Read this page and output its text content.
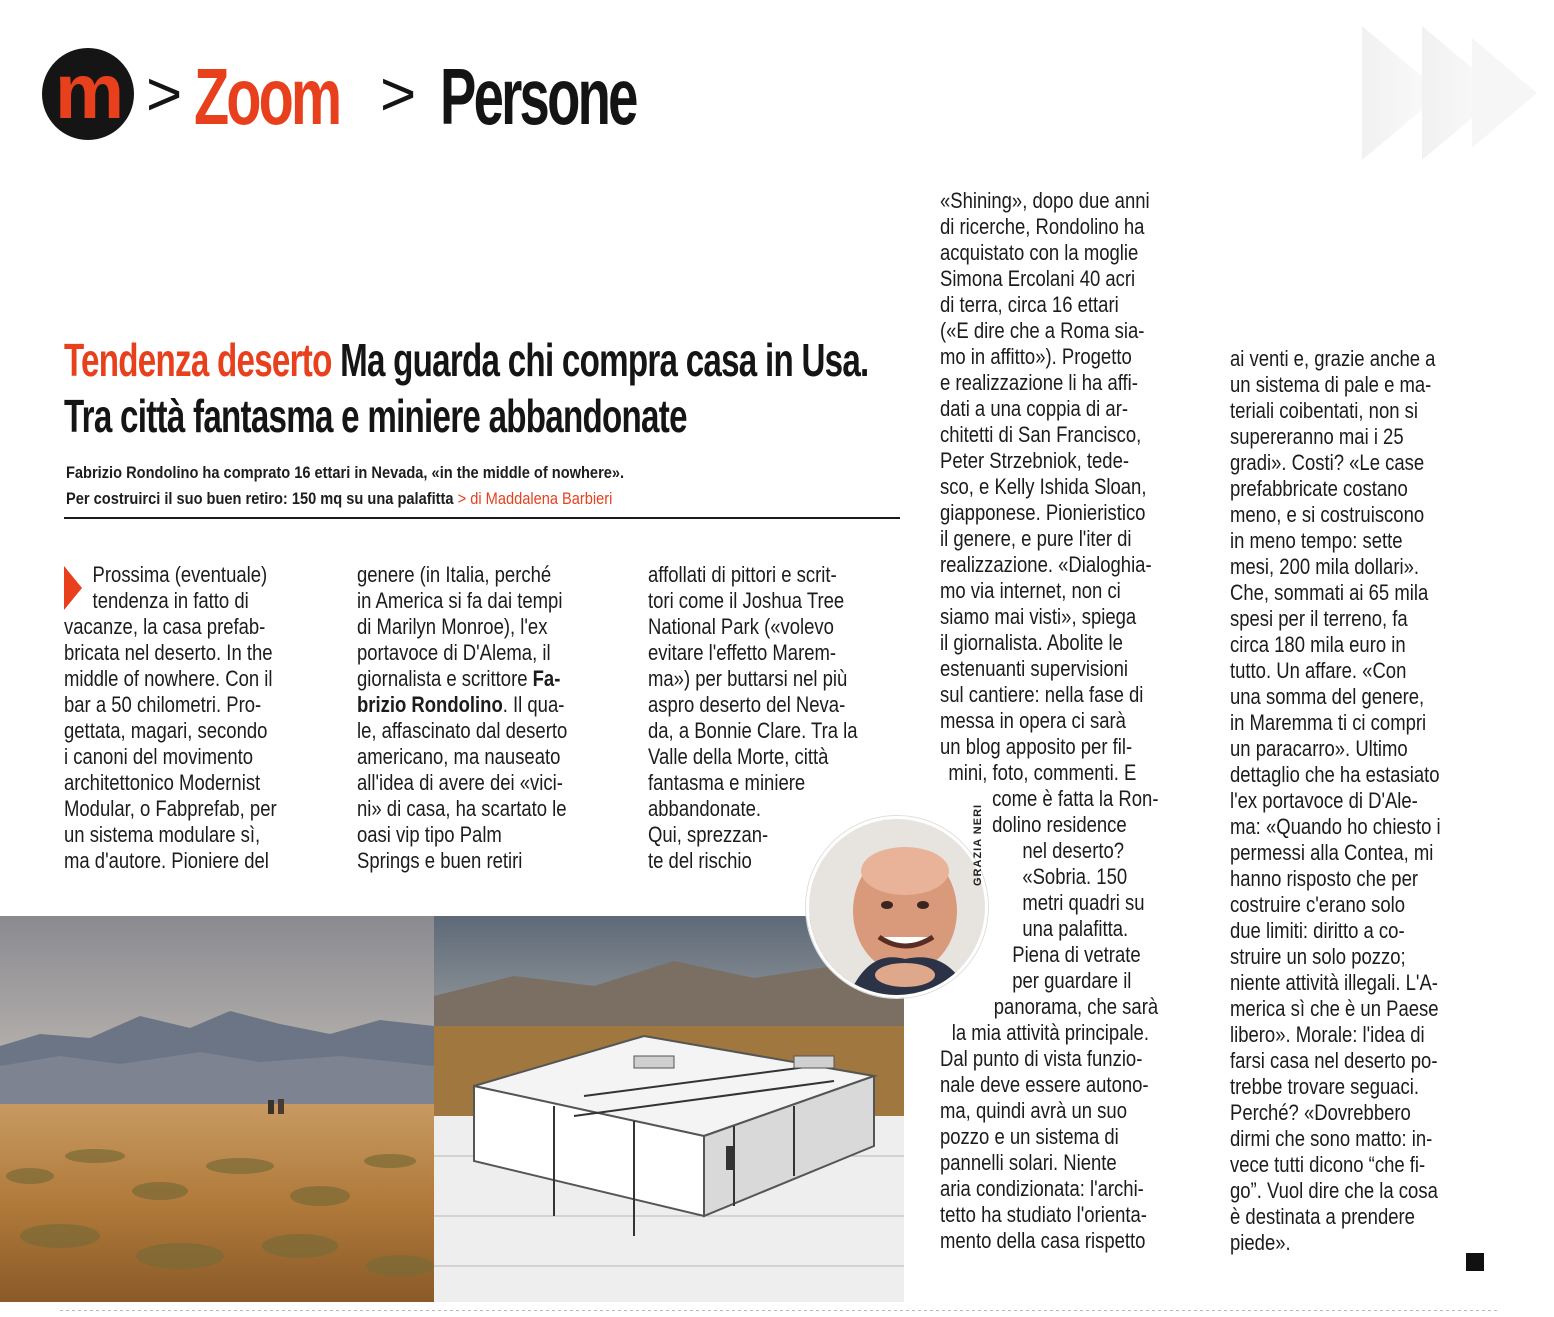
m > Zoom > Persone
Tendenza deserto Ma guarda chi compra casa in Usa. Tra città fantasma e miniere abbandonate
Fabrizio Rondolino ha comprato 16 ettari in Nevada, «in the middle of nowhere».
Per costruirci il suo buen retiro: 150 mq su una palafitta > di Maddalena Barbieri
Prossima (eventuale)
tendenza in fatto di
vacanze, la casa prefab-
bricata nel deserto. In the
middle of nowhere. Con il
bar a 50 chilometri. Pro-
gettata, magari, secondo
i canoni del movimento
architettonico Modernist
Modular, o Fabprefab, per
un sistema modulare sì,
ma d'autore. Pioniere del
genere (in Italia, perché
in America si fa dai tempi
di Marilyn Monroe), l'ex
portavoce di D'Alema, il
giornalista e scrittore Fa-
brizio Rondolino. Il qua-
le, affascinato dal deserto
americano, ma nauseato
all'idea di avere dei «vici-
ni» di casa, ha scartato le
oasi vip tipo Palm
Springs e buen retiri
affollati di pittori e scrit-
tori come il Joshua Tree
National Park («volevo
evitare l'effetto Marem-
ma») per buttarsi nel più
aspro deserto del Neva-
da, a Bonnie Clare. Tra la
Valle della Morte, città
fantasma e miniere
abbandonate.
Qui, sprezzan-
te del rischio
«Shining», dopo due anni
di ricerche, Rondolino ha
acquistato con la moglie
Simona Ercolani 40 acri
di terra, circa 16 ettari
(«E dire che a Roma sia-
mo in affitto»). Progetto
e realizzazione li ha affi-
dati a una coppia di ar-
chitetti di San Francisco,
Peter Strzebniok, tede-
sco, e Kelly Ishida Sloan,
giapponese. Pionieristico
il genere, e pure l'iter di
realizzazione. «Dialoghia-
mo via internet, non ci
siamo mai visti», spiega
il giornalista. Abolite le
estenuanti supervisioni
sul cantiere: nella fase di
messa in opera ci sarà
un blog apposito per fil-
mini, foto, commenti. E
come è fatta la Ron-
dolino residence
nel deserto?
«Sobria. 150
metri quadri su
una palafitta.
Piena di vetrate
per guardare il
panorama, che sarà
la mia attività principale.
Dal punto di vista funzio-
nale deve essere autono-
ma, quindi avrà un suo
pozzo e un sistema di
pannelli solari. Niente
aria condizionata: l'archi-
tetto ha studiato l'orienta-
mento della casa rispetto
ai venti e, grazie anche a
un sistema di pale e ma-
teriali coibentati, non si
supereranno mai i 25
gradi». Costi? «Le case
prefabbricate costano
meno, e si costruiscono
in meno tempo: sette
mesi, 200 mila dollari».
Che, sommati ai 65 mila
spesi per il terreno, fa
circa 180 mila euro in
tutto. Un affare. «Con
una somma del genere,
in Maremma ti ci compri
un paracarro». Ultimo
dettaglio che ha estasiato
l'ex portavoce di D'Ale-
ma: «Quando ho chiesto i
permessi alla Contea, mi
hanno risposto che per
costruire c'erano solo
due limiti: diritto a co-
struire un solo pozzo;
niente attività illegali. L'A-
merica sì che è un Paese
libero». Morale: l'idea di
farsi casa nel deserto po-
trebbe trovare seguaci.
Perché? «Dovrebbero
dirmi che sono matto: in-
vece tutti dicono “che fi-
go”. Vuol dire che la cosa
è destinata a prendere
piede».
GRAZIA NERI
